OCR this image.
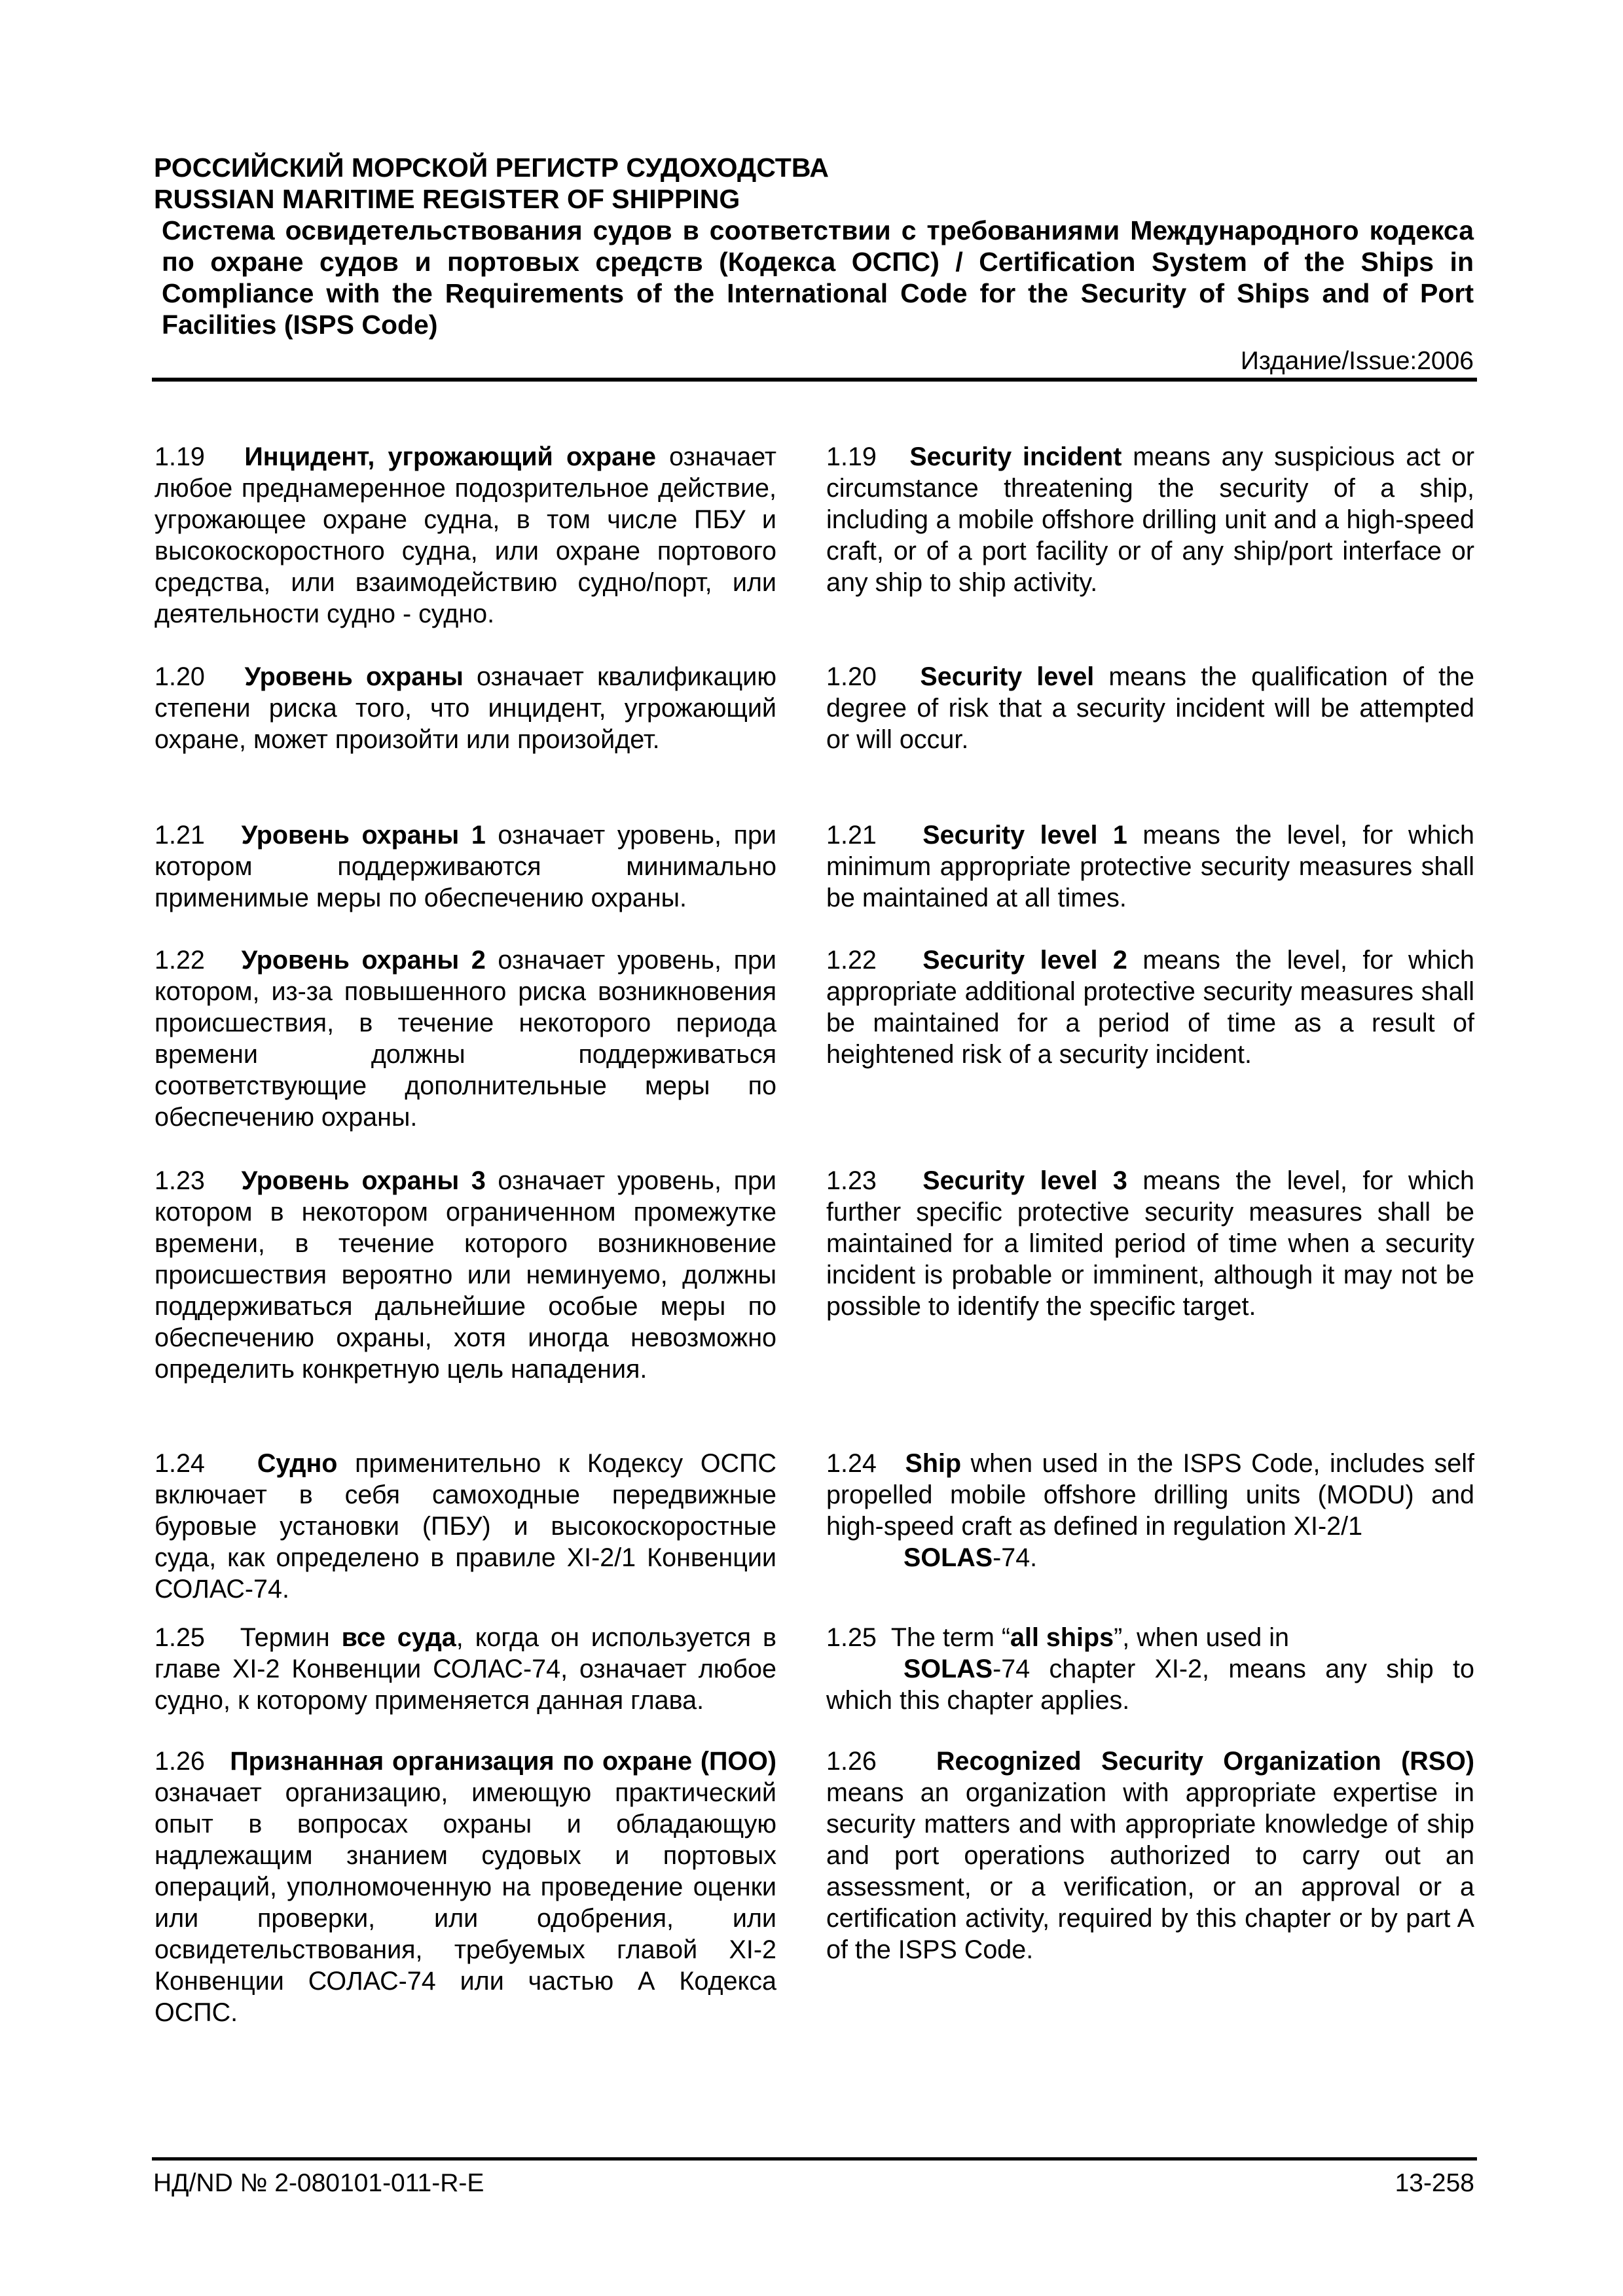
РОССИЙСКИЙ МОРСКОЙ РЕГИСТР СУДОХОДСТВА
RUSSIAN MARITIME REGISTER OF SHIPPING
Система освидетельствования судов в соответствии с требованиями Международного кодекса по охране судов и портовых средств (Кодекса ОСПС) / Certification System of the Ships in Compliance with the Requirements of the International Code for the Security of Ships and of Port Facilities (ISPS Code)
Издание/Issue:2006

1.19 Инцидент, угрожающий охране означает любое преднамеренное подозрительное действие, угрожающее охране судна, в том числе ПБУ и высокоскоростного судна, или охране портового средства, или взаимодействию судно/порт, или деятельности судно - судно.

1.20 Уровень охраны означает квалификацию степени риска того, что инцидент, угрожающий охране, может произойти или произойдет.

1.21 Уровень охраны 1 означает уровень, при котором поддерживаются минимально применимые меры по обеспечению охраны.

1.22 Уровень охраны 2 означает уровень, при котором, из-за повышенного риска возникновения происшествия, в течение некоторого периода времени должны поддерживаться соответствующие дополнительные меры по обеспечению охраны.

1.23 Уровень охраны 3 означает уровень, при котором в некотором ограниченном промежутке времени, в течение которого возникновение происшествия вероятно или неминуемо, должны поддерживаться дальнейшие особые меры по обеспечению охраны, хотя иногда невозможно определить конкретную цель нападения.

1.24 Судно применительно к Кодексу ОСПС включает в себя самоходные передвижные буровые установки (ПБУ) и высокоскоростные суда, как определено в правиле XI-2/1 Конвенции СОЛАС-74.

1.25 Термин все суда, когда он используется в главе XI-2 Конвенции СОЛАС-74, означает любое судно, к которому применяется данная глава.

1.26 Признанная организация по охране (ПОО) означает организацию, имеющую практический опыт в вопросах охраны и обладающую надлежащим знанием судовых и портовых операций, уполномоченную на проведение оценки или проверки, или одобрения, или освидетельствования, требуемых главой XI-2 Конвенции СОЛАС-74 или частью А Кодекса ОСПС.

1.19 Security incident means any suspicious act or circumstance threatening the security of a ship, including a mobile offshore drilling unit and a high-speed craft, or of a port facility or of any ship/port interface or any ship to ship activity.

1.20 Security level means the qualification of the degree of risk that a security incident will be attempted or will occur.

1.21 Security level 1 means the level, for which minimum appropriate protective security measures shall be maintained at all times.

1.22 Security level 2 means the level, for which appropriate additional protective security measures shall be maintained for a period of time as a result of heightened risk of a security incident.

1.23 Security level 3 means the level, for which further specific protective security measures shall be maintained for a limited period of time when a security incident is probable or imminent, although it may not be possible to identify the specific target.

1.24 Ship when used in the ISPS Code, includes self propelled mobile offshore drilling units (MODU) and high-speed craft as defined in regulation XI-2/1
SOLAS-74.

1.25 The term “all ships”, when used in
SOLAS-74 chapter XI-2, means any ship to which this chapter applies.

1.26 Recognized Security Organization (RSO) means an organization with appropriate expertise in security matters and with appropriate knowledge of ship and port operations authorized to carry out an assessment, or a verification, or an approval or a certification activity, required by this chapter or by part A of the ISPS Code.

НД/ND № 2-080101-011-R-E	13-258
